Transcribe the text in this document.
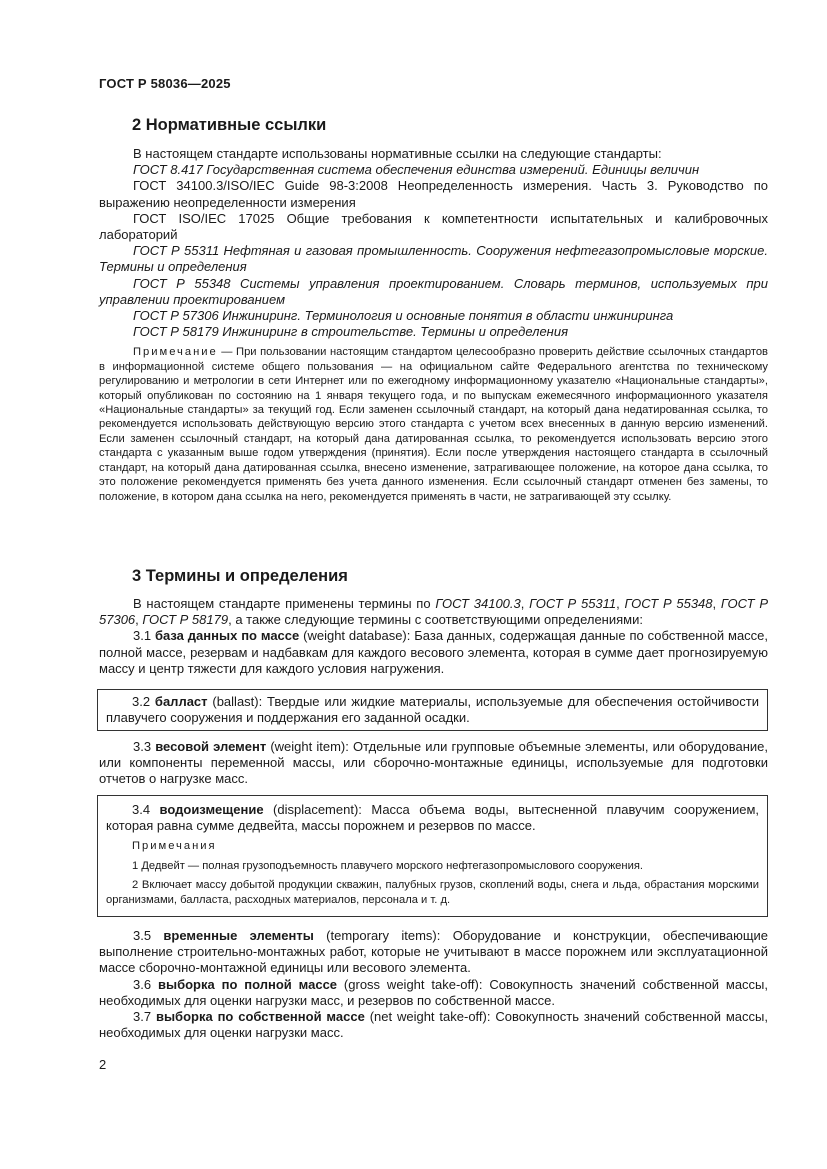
ГОСТ Р 58036—2025
2 Нормативные ссылки

В настоящем стандарте использованы нормативные ссылки на следующие стандарты:

ГОСТ 8.417 Государственная система обеспечения единства измерений. Единицы величин

ГОСТ 34100.3/ISO/IEC Guide 98-3:2008 Неопределенность измерения. Часть 3. Руководство по выражению неопределенности измерения

ГОСТ ISO/IEC 17025 Общие требования к компетентности испытательных и калибровочных лабораторий

ГОСТ Р 55311 Нефтяная и газовая промышленность. Сооружения нефтегазопромысловые морские. Термины и определения

ГОСТ Р 55348 Системы управления проектированием. Словарь терминов, используемых при управлении проектированием

ГОСТ Р 57306 Инжиниринг. Терминология и основные понятия в области инжиниринга

ГОСТ Р 58179 Инжиниринг в строительстве. Термины и определения

Примечание — При пользовании настоящим стандартом целесообразно проверить действие ссылочных стандартов в информационной системе общего пользования — на официальном сайте Федерального агентства по техническому регулированию и метрологии в сети Интернет или по ежегодному информационному указателю «Национальные стандарты», который опубликован по состоянию на 1 января текущего года, и по выпускам ежемесячного информационного указателя «Национальные стандарты» за текущий год. Если заменен ссылочный стандарт, на который дана недатированная ссылка, то рекомендуется использовать действующую версию этого стандарта с учетом всех внесенных в данную версию изменений. Если заменен ссылочный стандарт, на который дана датированная ссылка, то рекомендуется использовать версию этого стандарта с указанным выше годом утверждения (принятия). Если после утверждения настоящего стандарта в ссылочный стандарт, на который дана датированная ссылка, внесено изменение, затрагивающее положение, на которое дана ссылка, то это положение рекомендуется применять без учета данного изменения. Если ссылочный стандарт отменен без замены, то положение, в котором дана ссылка на него, рекомендуется применять в части, не затрагивающей эту ссылку.

3 Термины и определения

В настоящем стандарте применены термины по ГОСТ 34100.3, ГОСТ Р 55311, ГОСТ Р 55348, ГОСТ Р 57306, ГОСТ Р 58179, а также следующие термины с соответствующими определениями:

3.1 база данных по массе (weight database): База данных, содержащая данные по собственной массе, полной массе, резервам и надбавкам для каждого весового элемента, которая в сумме дает прогнозируемую массу и центр тяжести для каждого условия нагружения.

3.2 балласт (ballast): Твердые или жидкие материалы, используемые для обеспечения остойчивости плавучего сооружения и поддержания его заданной осадки.

3.3 весовой элемент (weight item): Отдельные или групповые объемные элементы, или оборудование, или компоненты переменной массы, или сборочно-монтажные единицы, используемые для подготовки отчетов о нагрузке масс.

3.4 водоизмещение (displacement): Масса объема воды, вытесненной плавучим сооружением, которая равна сумме дедвейта, массы порожнем и резервов по массе.

Примечания

1 Дедвейт — полная грузоподъемность плавучего морского нефтегазопромыслового сооружения.

2 Включает массу добытой продукции скважин, палубных грузов, скоплений воды, снега и льда, обрастания морскими организмами, балласта, расходных материалов, персонала и т. д.

3.5 временные элементы (temporary items): Оборудование и конструкции, обеспечивающие выполнение строительно-монтажных работ, которые не учитывают в массе порожнем или эксплуатационной массе сборочно-монтажной единицы или весового элемента.

3.6 выборка по полной массе (gross weight take-off): Совокупность значений собственной массы, необходимых для оценки нагрузки масс, и резервов по собственной массе.

3.7 выборка по собственной массе (net weight take-off): Совокупность значений собственной массы, необходимых для оценки нагрузки масс.

2
